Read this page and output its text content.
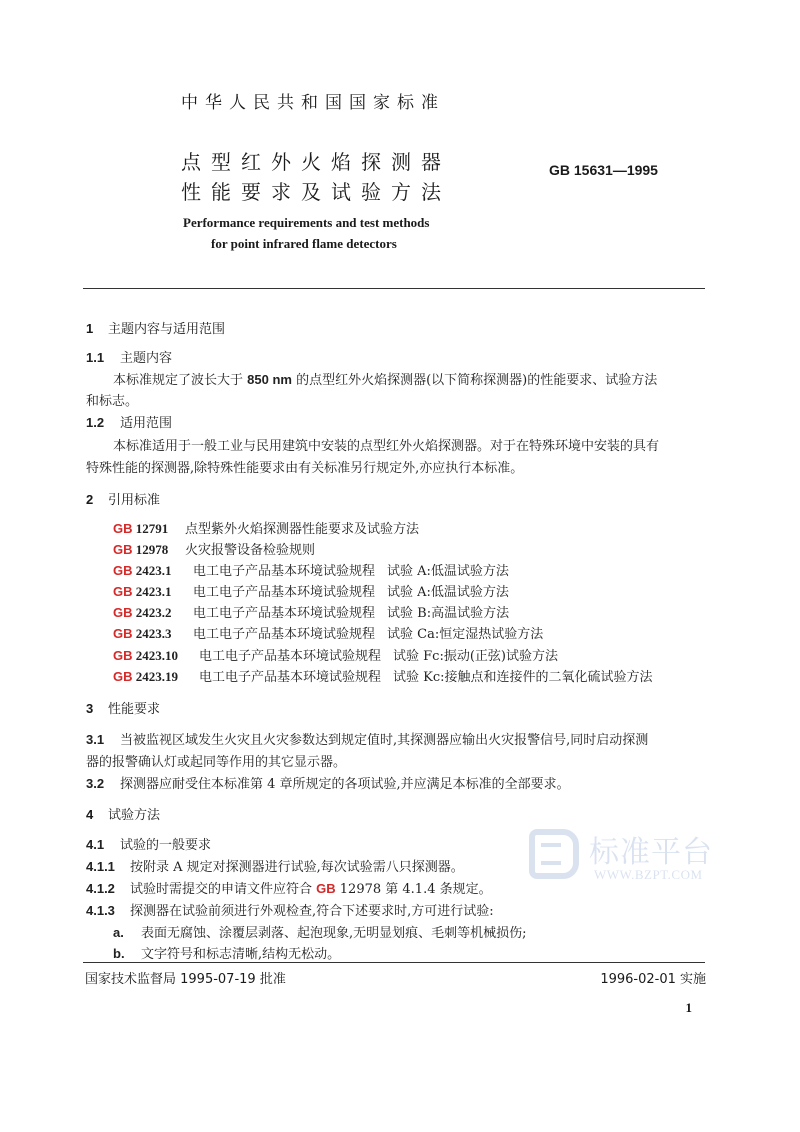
中华人民共和国国家标准
点型红外火焰探测器
性能要求及试验方法
GB 15631—1995
Performance requirements and test methods
for point infrared flame detectors
1 主题内容与适用范围
1.1 主题内容
本标准规定了波长大于 850 nm 的点型红外火焰探测器(以下简称探测器)的性能要求、试验方法
和标志。
1.2 适用范围
本标准适用于一般工业与民用建筑中安装的点型红外火焰探测器。对于在特殊环境中安装的具有
特殊性能的探测器,除特殊性能要求由有关标准另行规定外,亦应执行本标准。
2 引用标准
GB 12791 点型紫外火焰探测器性能要求及试验方法
GB 12978 火灾报警设备检验规则
GB 2423.1 电工电子产品基本环境试验规程 试验 A:低温试验方法
GB 2423.1 电工电子产品基本环境试验规程 试验 A:低温试验方法
GB 2423.2 电工电子产品基本环境试验规程 试验 B:高温试验方法
GB 2423.3 电工电子产品基本环境试验规程 试验 Ca:恒定湿热试验方法
GB 2423.10 电工电子产品基本环境试验规程 试验 Fc:振动(正弦)试验方法
GB 2423.19 电工电子产品基本环境试验规程 试验 Kc:接触点和连接件的二氧化硫试验方法
3 性能要求
3.1 当被监视区域发生火灾且火灾参数达到规定值时,其探测器应输出火灾报警信号,同时启动探测
器的报警确认灯或起同等作用的其它显示器。
3.2 探测器应耐受住本标准第 4 章所规定的各项试验,并应满足本标准的全部要求。
4 试验方法
4.1 试验的一般要求
4.1.1 按附录 A 规定对探测器进行试验,每次试验需八只探测器。
4.1.2 试验时需提交的申请文件应符合 GB 12978 第 4.1.4 条规定。
4.1.3 探测器在试验前须进行外观检查,符合下述要求时,方可进行试验:
a. 表面无腐蚀、涂覆层剥落、起泡现象,无明显划痕、毛刺等机械损伤;
b. 文字符号和标志清晰,结构无松动。
标准平台
WWW.BZPT.COM
国家技术监督局 1995-07-19 批准	1996-02-01 实施
1
